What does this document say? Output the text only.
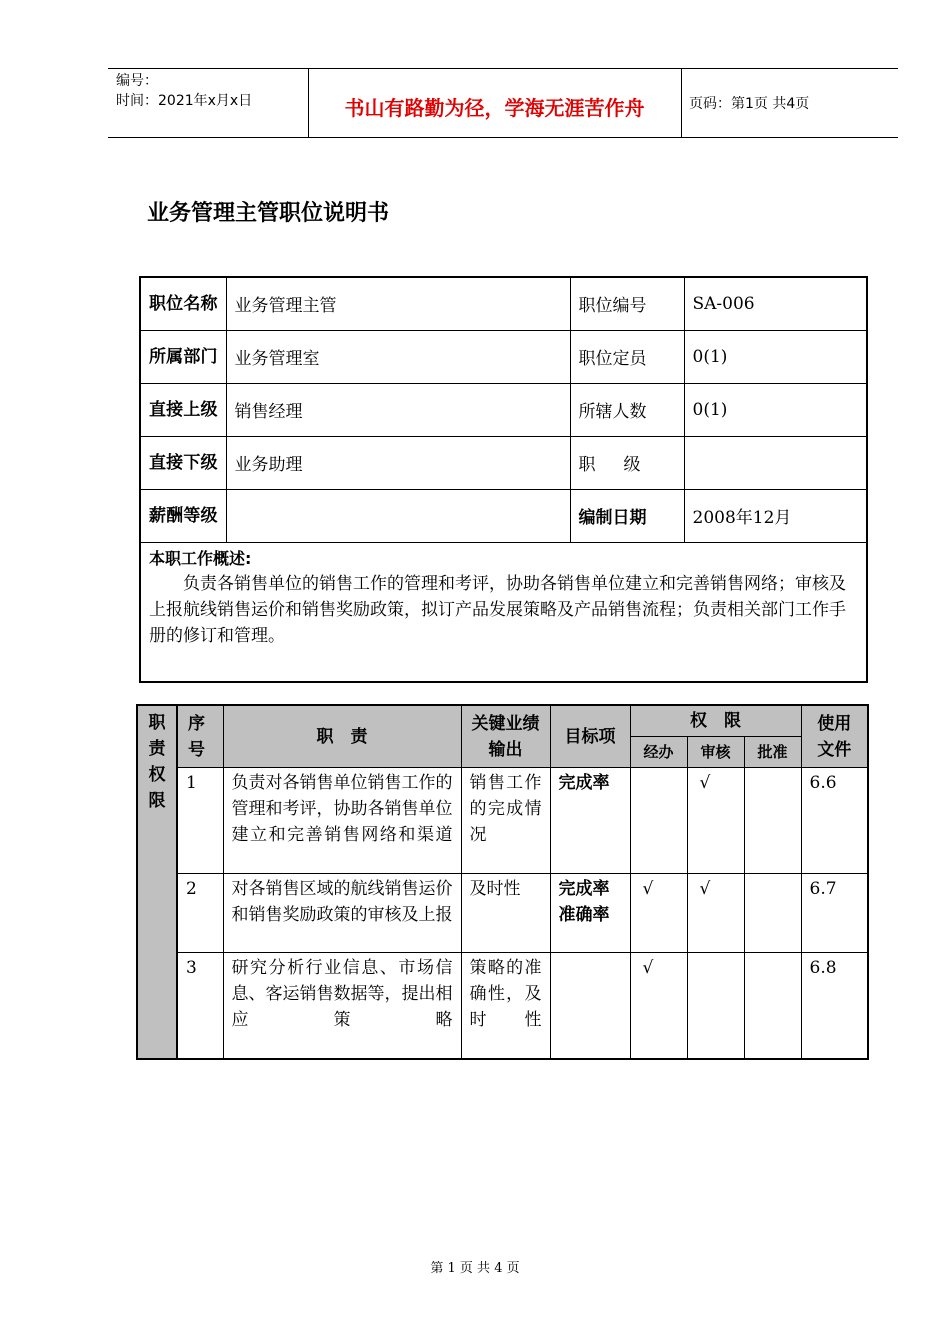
编号：
时间：2021年x月x日	书山有路勤为径，学海无涯苦作舟	页码：第1页 共4页
业务管理主管职位说明书
职位名称	业务管理主管	职位编号	SA-006
所属部门	业务管理室	职位定员	0(1)
直接上级	销售经理	所辖人数	0(1)
直接下级	业务助理	职级	
薪酬等级		编制日期	2008年12月

本职工作概述:
负责各销售单位的销售工作的管理和考评，协助各销售单位建立和完善销售网络；审核及上报航线销售运价和销售奖励政策，拟订产品发展策略及产品销售流程；负责相关部门工作手册的修订和管理。			
职责权限	序号	职　责	关键业绩输出	目标项	权　限			使用文件
					经办	审核	批准	
	1	负责对各销售单位销售工作的管理和考评，协助各销售单位建立和完善销售网络和渠道	销售工作的完成情况	完成率		√		6.6
	2	对各销售区域的航线销售运价和销售奖励政策的审核及上报	及时性	完成率准确率	√	√		6.7
	3	研究分析行业信息、市场信息、客运销售数据等，提出相应策略	策略的准确性，及时性		√			6.8
第 1 页 共 4 页
